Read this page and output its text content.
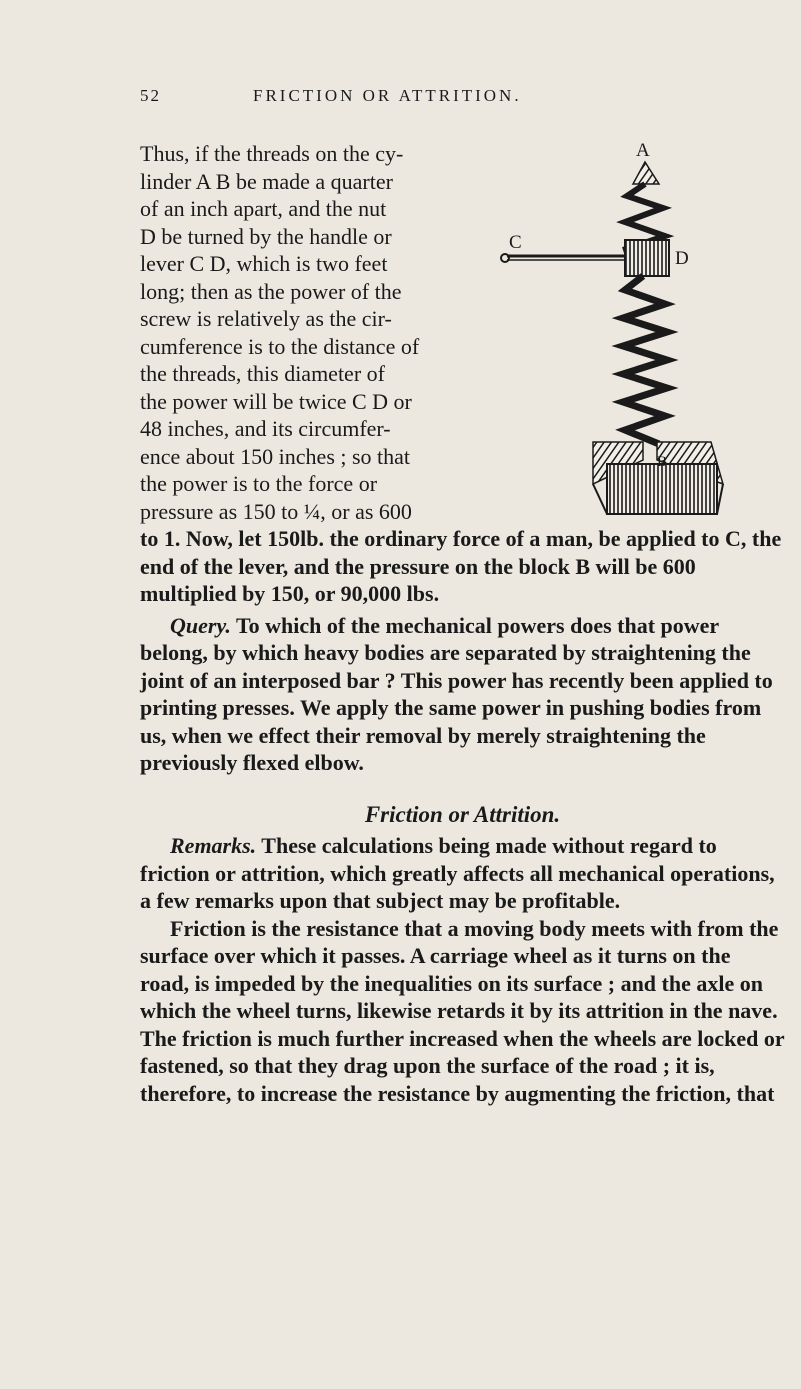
52	FRICTION OR ATTRITION.
A
C
D
B
Thus, if the threads on the cy-
linder A B be made a quarter
of an inch apart, and the nut
D be turned by the handle or
lever C D, which is two feet
long; then as the power of the
screw is relatively as the cir-
cumference is to the distance of
the threads, this diameter of
the power will be twice C D or
48 inches, and its circumfer-
ence about 150 inches ; so that
the power is to the force or
pressure as 150 to ¼, or as 600

to 1. Now, let 150lb. the ordinary force of a man, be applied to C, the end of the lever, and the pressure on the block B will be 600 multiplied by 150, or 90,000 lbs.

Query. To which of the mechanical powers does that power belong, by which heavy bodies are separated by straightening the joint of an interposed bar ? This power has recently been applied to printing presses. We apply the same power in pushing bodies from us, when we effect their removal by merely straightening the previously flexed elbow.

Friction or Attrition.

Remarks. These calculations being made without regard to friction or attrition, which greatly affects all mechanical operations, a few remarks upon that subject may be profitable.

Friction is the resistance that a moving body meets with from the surface over which it passes. A carriage wheel as it turns on the road, is impeded by the inequalities on its surface ; and the axle on which the wheel turns, likewise retards it by its attrition in the nave. The friction is much further increased when the wheels are locked or fastened, so that they drag upon the surface of the road ; it is, therefore, to increase the resistance by augmenting the friction, that
